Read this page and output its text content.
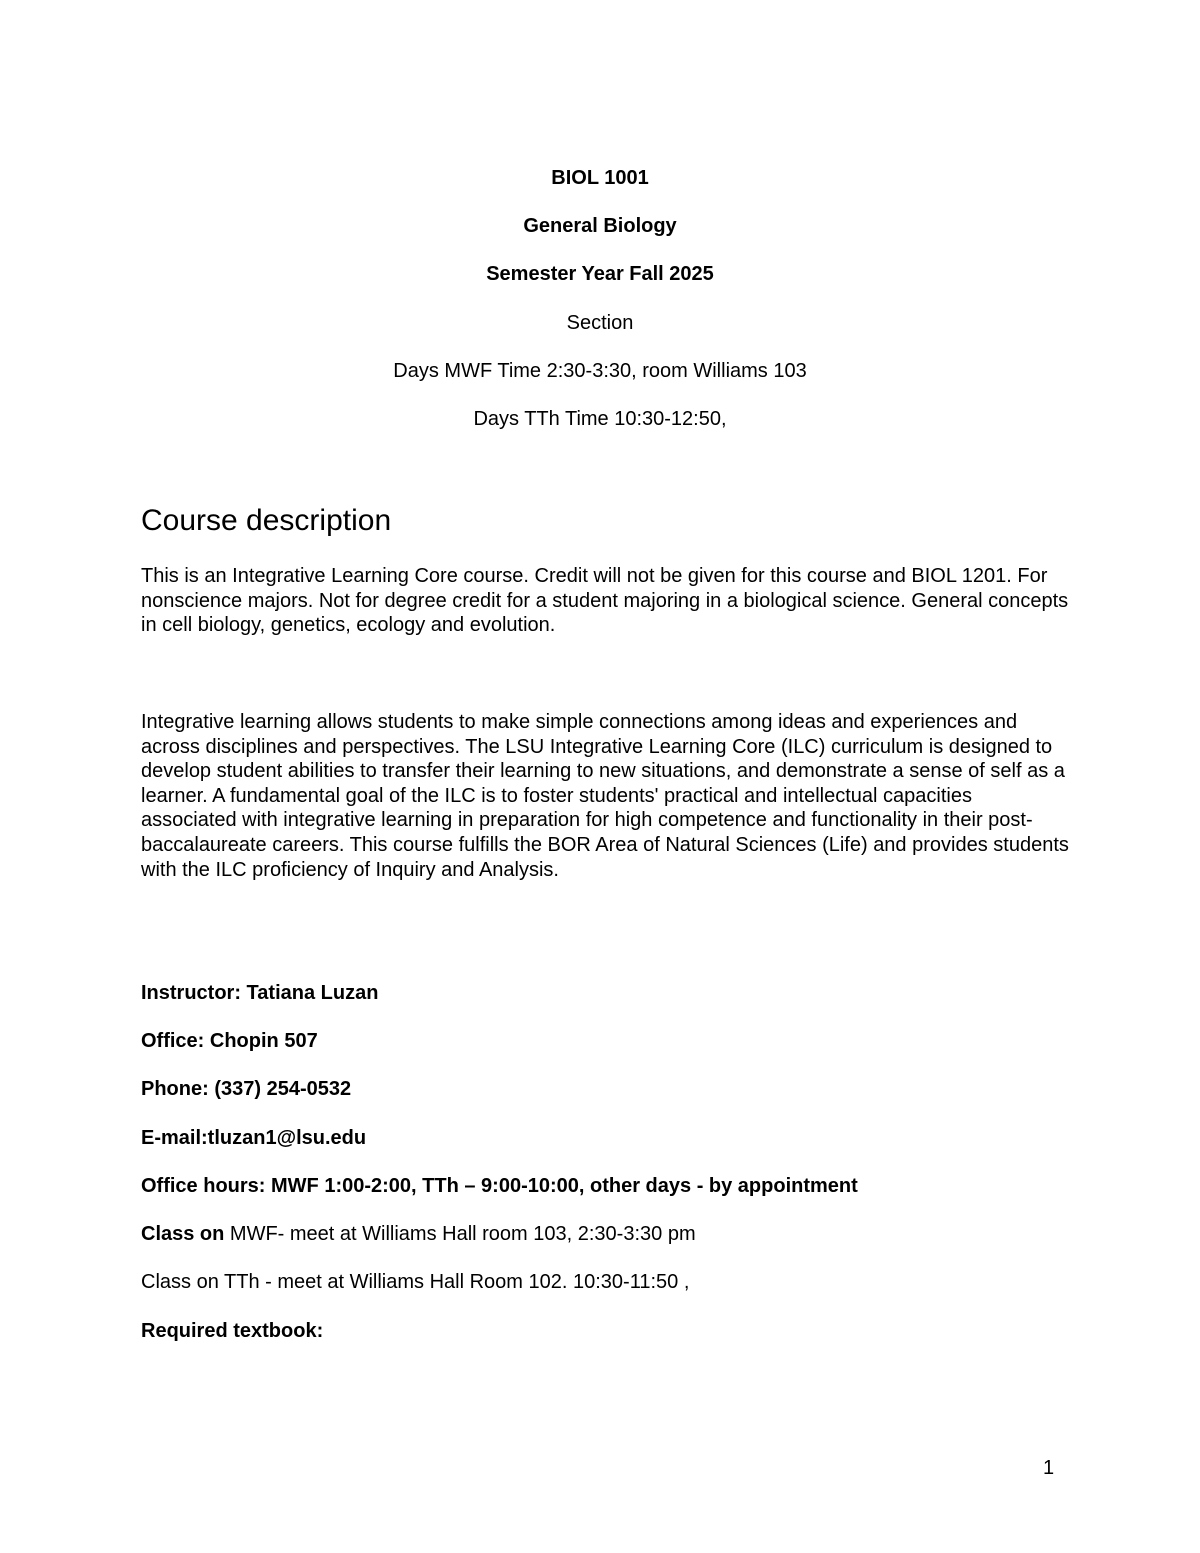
BIOL 1001
General Biology
Semester Year Fall 2025
Section
Days MWF Time 2:30-3:30, room Williams 103
Days TTh Time 10:30-12:50,
Course description

This is an Integrative Learning Core course. Credit will not be given for this course and BIOL 1201. For nonscience majors. Not for degree credit for a student majoring in a biological science. General concepts in cell biology, genetics, ecology and evolution.

Integrative learning allows students to make simple connections among ideas and experiences and across disciplines and perspectives. The LSU Integrative Learning Core (ILC) curriculum is designed to develop student abilities to transfer their learning to new situations, and demonstrate a sense of self as a learner. A fundamental goal of the ILC is to foster students' practical and intellectual capacities associated with integrative learning in preparation for high competence and functionality in their post-baccalaureate careers. This course fulfills the BOR Area of Natural Sciences (Life) and provides students with the ILC proficiency of Inquiry and Analysis.

Instructor: Tatiana Luzan

Office: Chopin 507

Phone: (337) 254-0532

E-mail:tluzan1@lsu.edu

Office hours: MWF 1:00-2:00, TTh – 9:00-10:00, other days - by appointment

Class on MWF- meet at Williams Hall room 103, 2:30-3:30 pm

Class on TTh - meet at Williams Hall Room 102. 10:30-11:50 ,

Required textbook:

1
